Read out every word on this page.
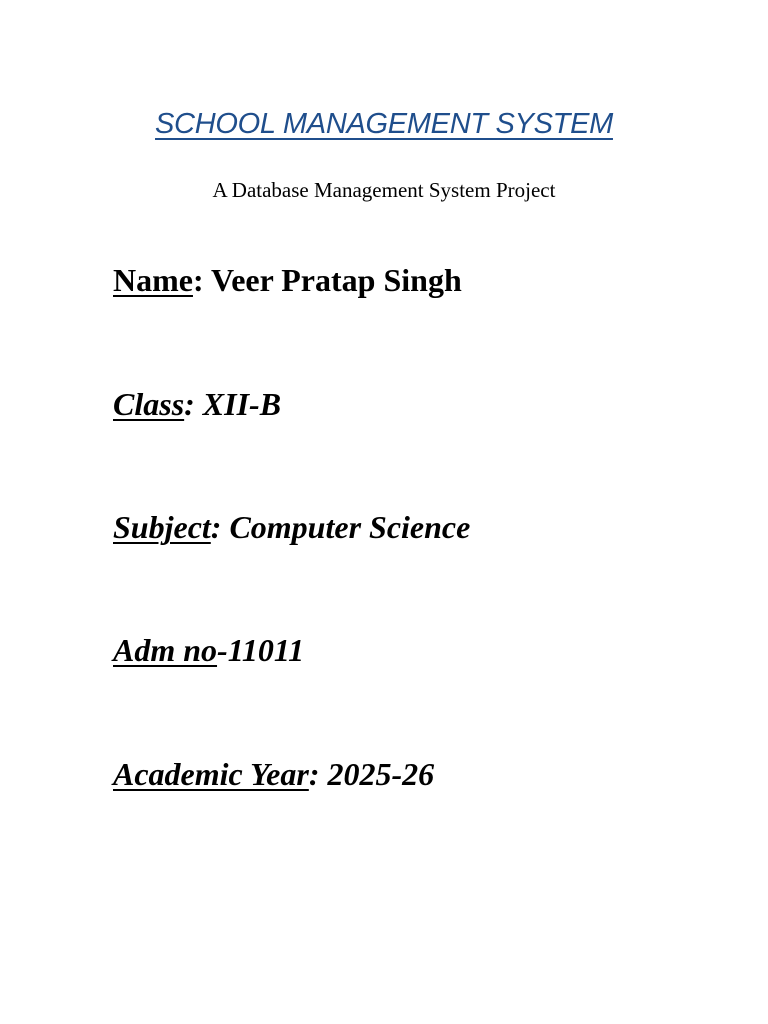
SCHOOL MANAGEMENT SYSTEM
A Database Management System Project
Name: Veer Pratap Singh
Class: XII-B
Subject: Computer Science
Adm no-11011
Academic Year: 2025-26
